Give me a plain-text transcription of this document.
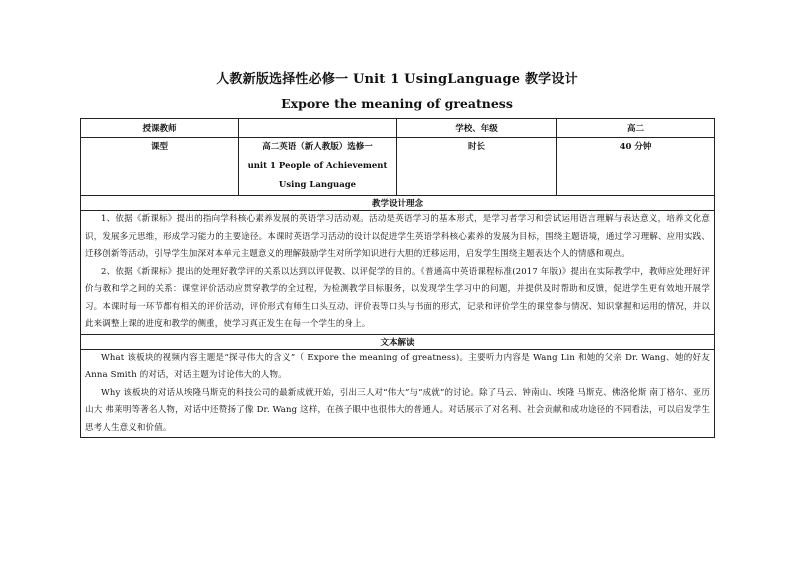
人教新版选择性必修一 Unit 1 UsingLanguage 教学设计
Expore the meaning of greatness
授课教师		学校、年级	高二
课型	高二英语（新人教版）选修一
unit 1 People of Achievement
Using Language	时长	40 分钟
教学设计理念			

1、依据《新课标》提出的指向学科核心素养发展的英语学习活动观。活动是英语学习的基本形式，是学习者学习和尝试运用语言理解与表达意义，培养文化意识，发展多元思维，形成学习能力的主要途径。本课时英语学习活动的设计以促进学生英语学科核心素养的发展为目标，围绕主题语境，通过学习理解、应用实践、迁移创新等活动，引导学生加深对本单元主题意义的理解鼓励学生对所学知识进行大胆的迁移运用，启发学生围绕主题表达个人的情感和观点。

2、依据《新课标》提出的处理好教学评的关系以达到以评促教、以评促学的目的。《普通高中英语课程标准(2017 年版)》提出在实际教学中，教师应处理好评价与教和学之间的关系：课堂评价活动应贯穿教学的全过程，为检测教学目标服务，以发现学生学习中的问题，并提供及时帮助和反馈，促进学生更有效地开展学习。本课时每一环节都有相关的评价活动，评价形式有师生口头互动、评价表等口头与书面的形式，记录和评价学生的课堂参与情况、知识掌握和运用的情况，并以此来调整上课的进度和教学的侧重，使学习真正发生在每一个学生的身上。			

文本解读			

What 该板块的视频内容主题是“探寻伟大的含义”（ Expore the meaning of greatness)。主要听力内容是 Wang Lin 和她的父亲 Dr. Wang、她的好友 Anna Smith 的对话，对话主题为讨论伟大的人物。

Why 该板块的对话从埃隆马斯克的科技公司的最新成就开始，引出三人对“伟大”与“成就”的讨论。除了马云、钟南山、埃隆 马斯克、佛洛伦斯 南丁格尔、亚历山大 弗莱明等著名人物，对话中还赞扬了像 Dr. Wang 这样，在孩子眼中也很伟大的普通人。对话展示了对名利、社会贡献和成功途径的不同看法，可以启发学生思考人生意义和价值。			
